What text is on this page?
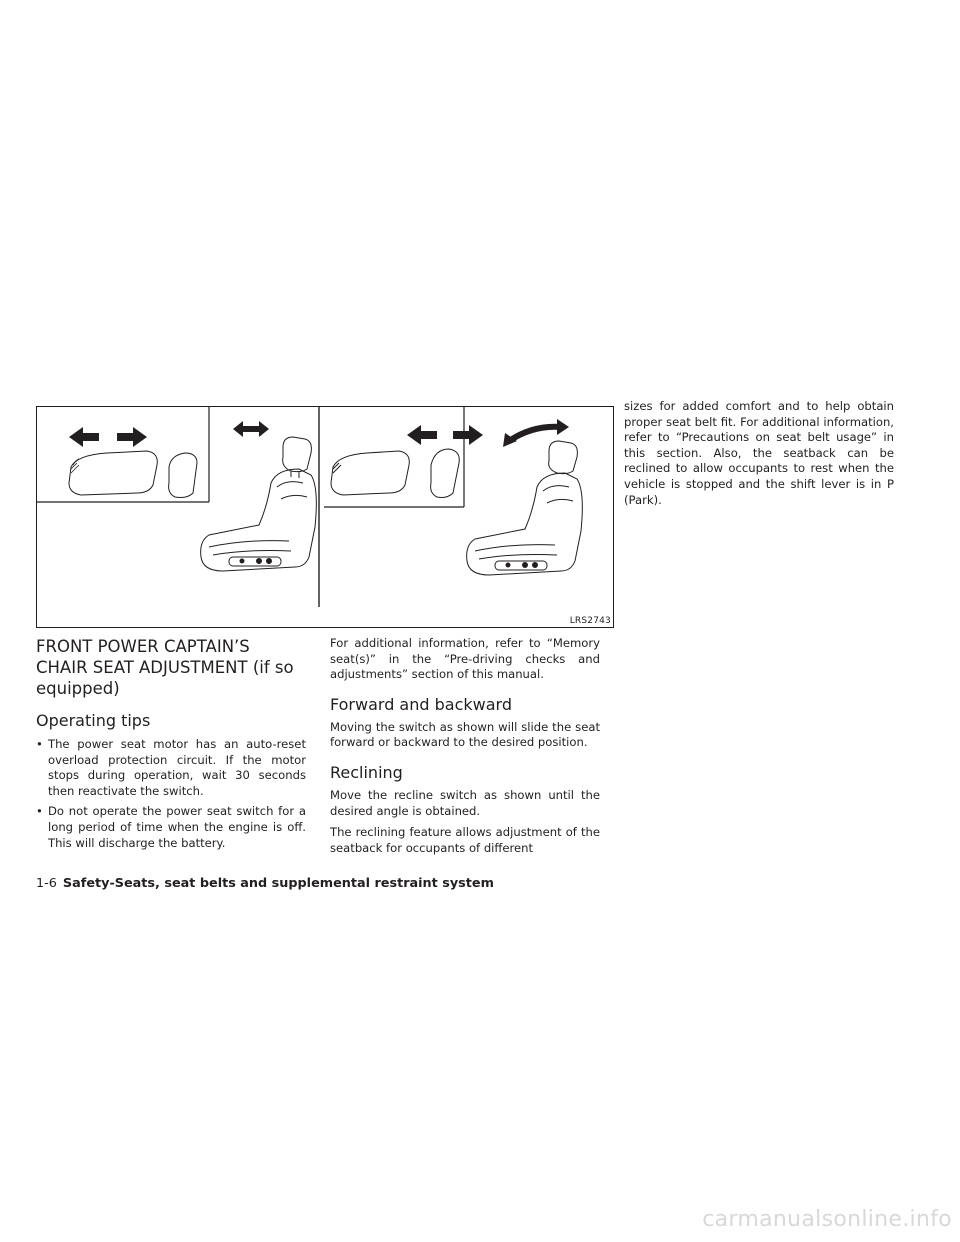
LRS2743
FRONT POWER CAPTAIN’S CHAIR SEAT ADJUSTMENT (if so equipped)
Operating tips
• The power seat motor has an auto-reset overload protection circuit. If the motor stops during operation, wait 30 seconds then reactivate the switch.
• Do not operate the power seat switch for a long period of time when the engine is off. This will discharge the battery.

For additional information, refer to “Memory seat(s)” in the “Pre-driving checks and adjustments” section of this manual.

Forward and backward

Moving the switch as shown will slide the seat forward or backward to the desired position.

Reclining

Move the recline switch as shown until the desired angle is obtained.

The reclining feature allows adjustment of the seatback for occupants of different

sizes for added comfort and to help obtain proper seat belt fit. For additional information, refer to “Precautions on seat belt usage” in this section. Also, the seatback can be reclined to allow occupants to rest when the vehicle is stopped and the shift lever is in P (Park).

1-6 Safety-Seats, seat belts and supplemental restraint system
carmanualsonline.info
